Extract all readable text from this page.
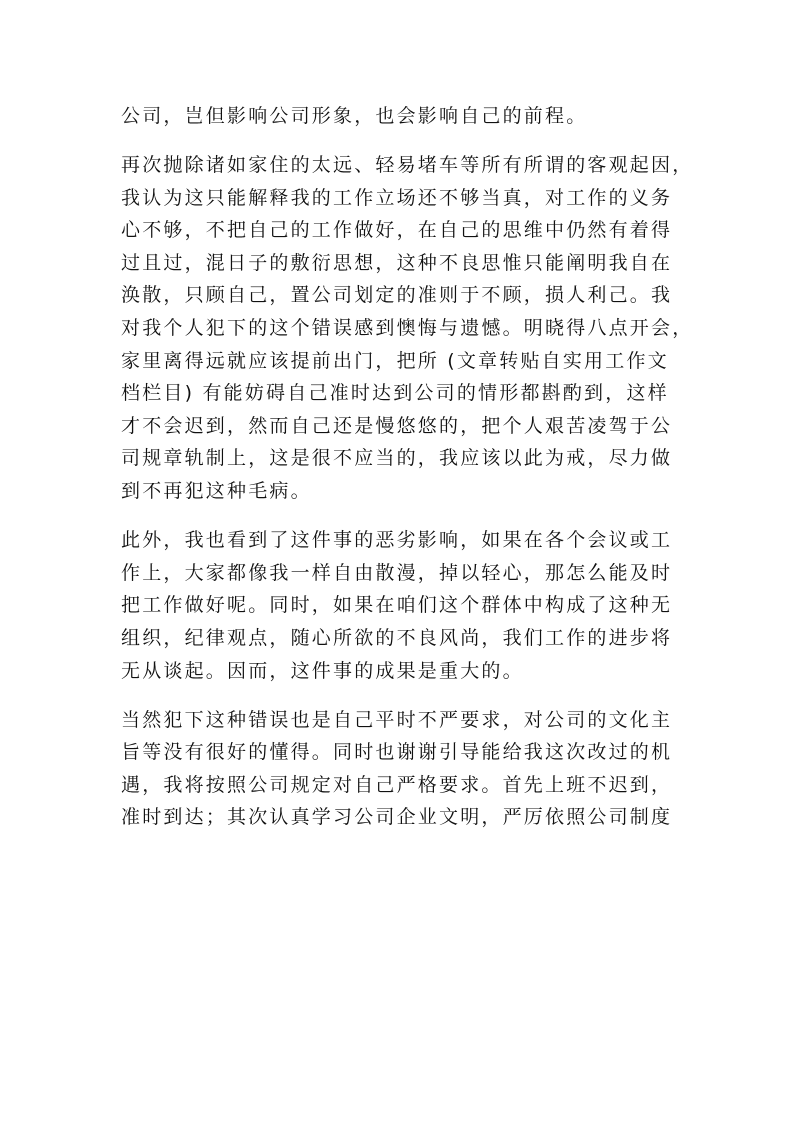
公司，岂但影响公司形象，也会影响自己的前程。
再次抛除诸如家住的太远、轻易堵车等所有所谓的客观起因，
我认为这只能解释我的工作立场还不够当真，对工作的义务
心不够，不把自己的工作做好，在自己的思维中仍然有着得
过且过，混日子的敷衍思想，这种不良思惟只能阐明我自在
涣散，只顾自己，置公司划定的准则于不顾，损人利己。我
对我个人犯下的这个错误感到懊悔与遗憾。明晓得八点开会，
家里离得远就应该提前出门，把所 (文章转贴自实用工作文
档栏目) 有能妨碍自己准时达到公司的情形都斟酌到，这样
才不会迟到，然而自己还是慢悠悠的，把个人艰苦凌驾于公
司规章轨制上，这是很不应当的，我应该以此为戒，尽力做
到不再犯这种毛病。
此外，我也看到了这件事的恶劣影响，如果在各个会议或工
作上，大家都像我一样自由散漫，掉以轻心，那怎么能及时
把工作做好呢。同时，如果在咱们这个群体中构成了这种无
组织，纪律观点，随心所欲的不良风尚，我们工作的进步将
无从谈起。因而，这件事的成果是重大的。
当然犯下这种错误也是自己平时不严要求，对公司的文化主
旨等没有很好的懂得。同时也谢谢引导能给我这次改过的机
遇，我将按照公司规定对自己严格要求。首先上班不迟到，
准时到达；其次认真学习公司企业文明，严厉依照公司制度
